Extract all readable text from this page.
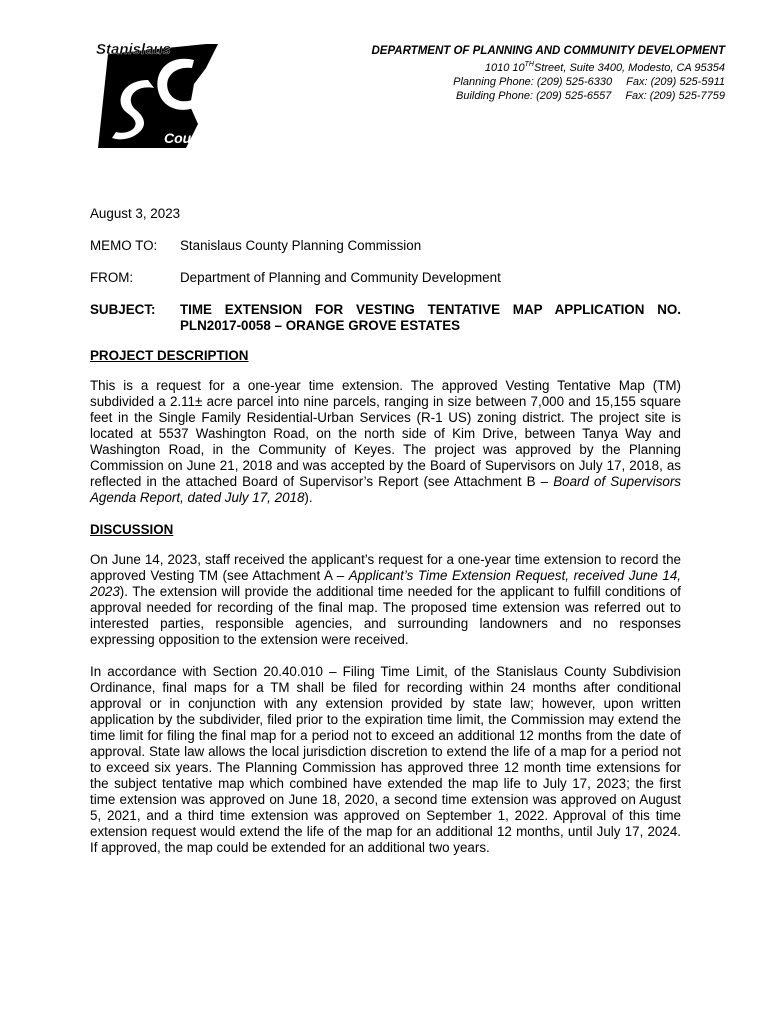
Stanislaus
County
DEPARTMENT OF PLANNING AND COMMUNITY DEVELOPMENT
1010 10THStreet, Suite 3400, Modesto, CA 95354
Planning Phone: (209) 525-6330 Fax: (209) 525-5911
Building Phone: (209) 525-6557 Fax: (209) 525-7759
August 3, 2023
MEMO TO:	Stanislaus County Planning Commission
FROM:	Department of Planning and Community Development
SUBJECT:	TIME EXTENSION FOR VESTING TENTATIVE MAP APPLICATION NO. PLN2017-0058 – ORANGE GROVE ESTATES
PROJECT DESCRIPTION

This is a request for a one-year time extension. The approved Vesting Tentative Map (TM) subdivided a 2.11± acre parcel into nine parcels, ranging in size between 7,000 and 15,155 square feet in the Single Family Residential-Urban Services (R-1 US) zoning district. The project site is located at 5537 Washington Road, on the north side of Kim Drive, between Tanya Way and Washington Road, in the Community of Keyes. The project was approved by the Planning Commission on June 21, 2018 and was accepted by the Board of Supervisors on July 17, 2018, as reflected in the attached Board of Supervisor’s Report (see Attachment B – Board of Supervisors Agenda Report, dated July 17, 2018).

DISCUSSION

On June 14, 2023, staff received the applicant’s request for a one-year time extension to record the approved Vesting TM (see Attachment A – Applicant’s Time Extension Request, received June 14, 2023). The extension will provide the additional time needed for the applicant to fulfill conditions of approval needed for recording of the final map. The proposed time extension was referred out to interested parties, responsible agencies, and surrounding landowners and no responses expressing opposition to the extension were received.

In accordance with Section 20.40.010 – Filing Time Limit, of the Stanislaus County Subdivision Ordinance, final maps for a TM shall be filed for recording within 24 months after conditional approval or in conjunction with any extension provided by state law; however, upon written application by the subdivider, filed prior to the expiration time limit, the Commission may extend the time limit for filing the final map for a period not to exceed an additional 12 months from the date of approval. State law allows the local jurisdiction discretion to extend the life of a map for a period not to exceed six years. The Planning Commission has approved three 12 month time extensions for the subject tentative map which combined have extended the map life to July 17, 2023; the first time extension was approved on June 18, 2020, a second time extension was approved on August 5, 2021, and a third time extension was approved on September 1, 2022. Approval of this time extension request would extend the life of the map for an additional 12 months, until July 17, 2024. If approved, the map could be extended for an additional two years.
